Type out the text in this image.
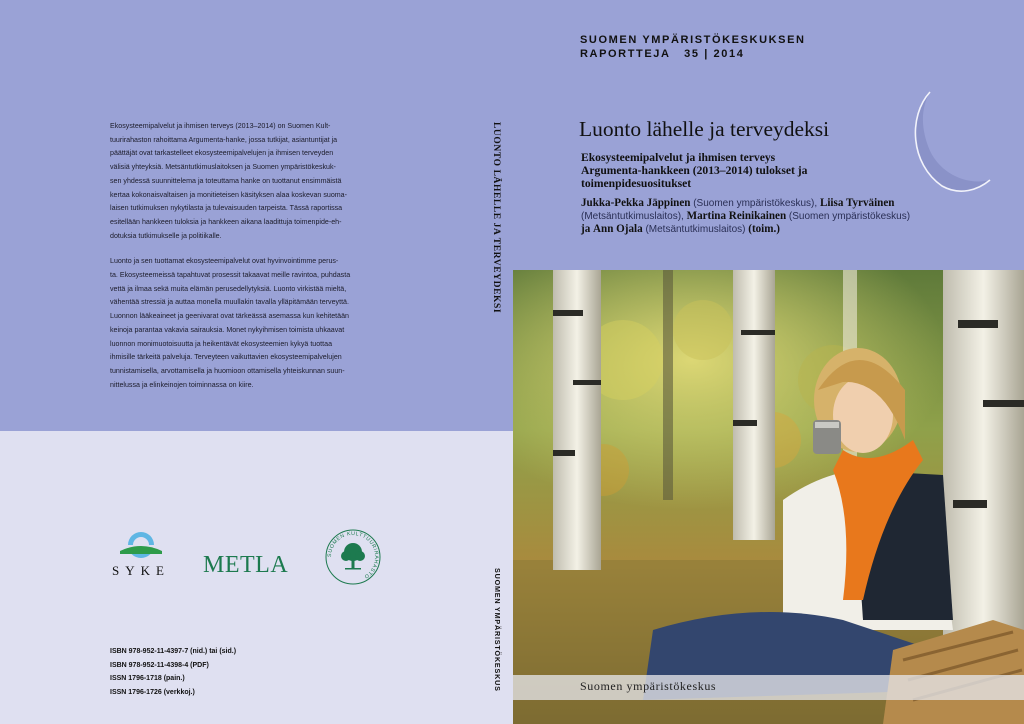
Ekosysteemipalvelut ja ihmisen terveys (2013–2014) on Suomen Kult-
tuurirahaston rahoittama Argumenta-hanke, jossa tutkijat, asiantuntijat ja
päättäjät ovat tarkastelleet ekosysteemipalvelujen ja ihmisen terveyden
välisiä yhteyksiä. Metsäntutkimuslaitoksen ja Suomen ympäristökeskuk-
sen yhdessä suunnittelema ja toteuttama hanke on tuottanut ensimmäistä
kertaa kokonaisvaltaisen ja monitieteisen käsityksen alaa koskevan suoma-
laisen tutkimuksen nykytilasta ja tulevaisuuden tarpeista. Tässä raportissa
esitellään hankkeen tuloksia ja hankkeen aikana laadittuja toimenpide-eh-
dotuksia tutkimukselle ja politiikalle.

Luonto ja sen tuottamat ekosysteemipalvelut ovat hyvinvointimme perus-
ta. Ekosysteemeissä tapahtuvat prosessit takaavat meille ravintoa, puhdasta
vettä ja ilmaa sekä muita elämän perusedellytyksiä. Luonto virkistää mieltä,
vähentää stressiä ja auttaa monella muullakin tavalla ylläpitämään terveyttä.
Luonnon lääkeaineet ja geenivarat ovat tärkeässä asemassa kun kehitetään
keinoja parantaa vakavia sairauksia. Monet nykyihmisen toimista uhkaavat
luonnon monimuotoisuutta ja heikentävät ekosysteemien kykyä tuottaa
ihmisille tärkeitä palveluja. Terveyteen vaikuttavien ekosysteemipalvelujen
tunnistamisella, arvottamisella ja huomioon ottamisella yhteiskunnan suun-
nittelussa ja elinkeinojen toiminnassa on kiire.

SYKE METLA	SUOMEN KULTTUURIRAHASTO
ISBN 978-952-11-4397-7 (nid.) tai (sid.)
ISBN 978-952-11-4398-4 (PDF)
ISSN 1796-1718 (pain.)
ISSN 1796-1726 (verkkoj.)
LUONTO LÄHELLE JA TERVEYDEKSI
SUOMEN YMPÄRISTÖKESKUS
SUOMEN YMPÄRISTÖKESKUKSEN
RAPORTTEJA   35 | 2014
Luonto lähelle ja terveydeksi
Ekosysteemipalvelut ja ihmisen terveys
Argumenta-hankkeen (2013–2014) tulokset ja
toimenpidesuositukset
Jukka-Pekka Jäppinen (Suomen ympäristökeskus), Liisa Tyrväinen
(Metsäntutkimuslaitos), Martina Reinikainen (Suomen ympäristökeskus)
ja Ann Ojala (Metsäntutkimuslaitos) (toim.)
Suomen ympäristökeskus
